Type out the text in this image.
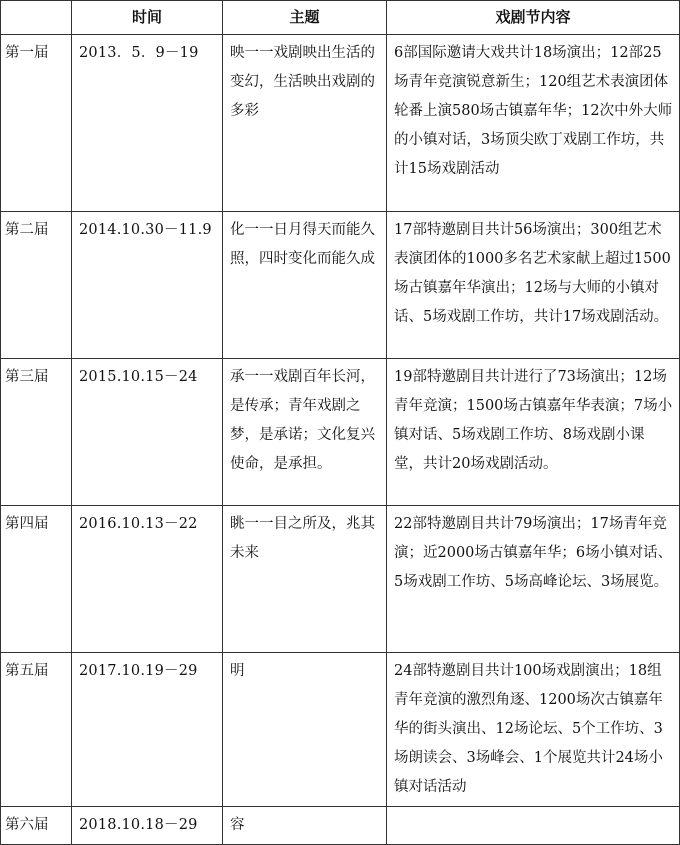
	时间	主题	戏剧节内容
第一届	2013．5．9－19	映一一戏剧映出生活的变幻，生活映出戏剧的多彩	6部国际邀请大戏共计18场演出；12部25场青年竞演锐意新生；120组艺术表演团体轮番上演580场古镇嘉年华；12次中外大师的小镇对话，3场顶尖欧丁戏剧工作坊，共计15场戏剧活动
第二届	2014.10.30－11.9	化一一日月得天而能久照，四时变化而能久成	17部特邀剧目共计56场演出；300组艺术表演团体的1000多名艺术家献上超过1500场古镇嘉年华演出；12场与大师的小镇对话、5场戏剧工作坊，共计17场戏剧活动。
第三届	2015.10.15－24	承一一戏剧百年长河，是传承；青年戏剧之梦，是承诺；文化复兴使命，是承担。	19部特邀剧目共计进行了73场演出；12场青年竞演；1500场古镇嘉年华表演；7场小镇对话、5场戏剧工作坊、8场戏剧小课堂，共计20场戏剧活动。
第四届	2016.10.13－22	眺一一目之所及，兆其未来	22部特邀剧目共计79场演出；17场青年竞演；近2000场古镇嘉年华；6场小镇对话、5场戏剧工作坊、5场高峰论坛、3场展览。
第五届	2017.10.19－29	明	24部特邀剧目共计100场戏剧演出；18组青年竞演的激烈角逐、1200场次古镇嘉年华的街头演出、12场论坛、5个工作坊、3场朗读会、3场峰会、1个展览共计24场小镇对话活动
第六届	2018.10.18－29	容	
